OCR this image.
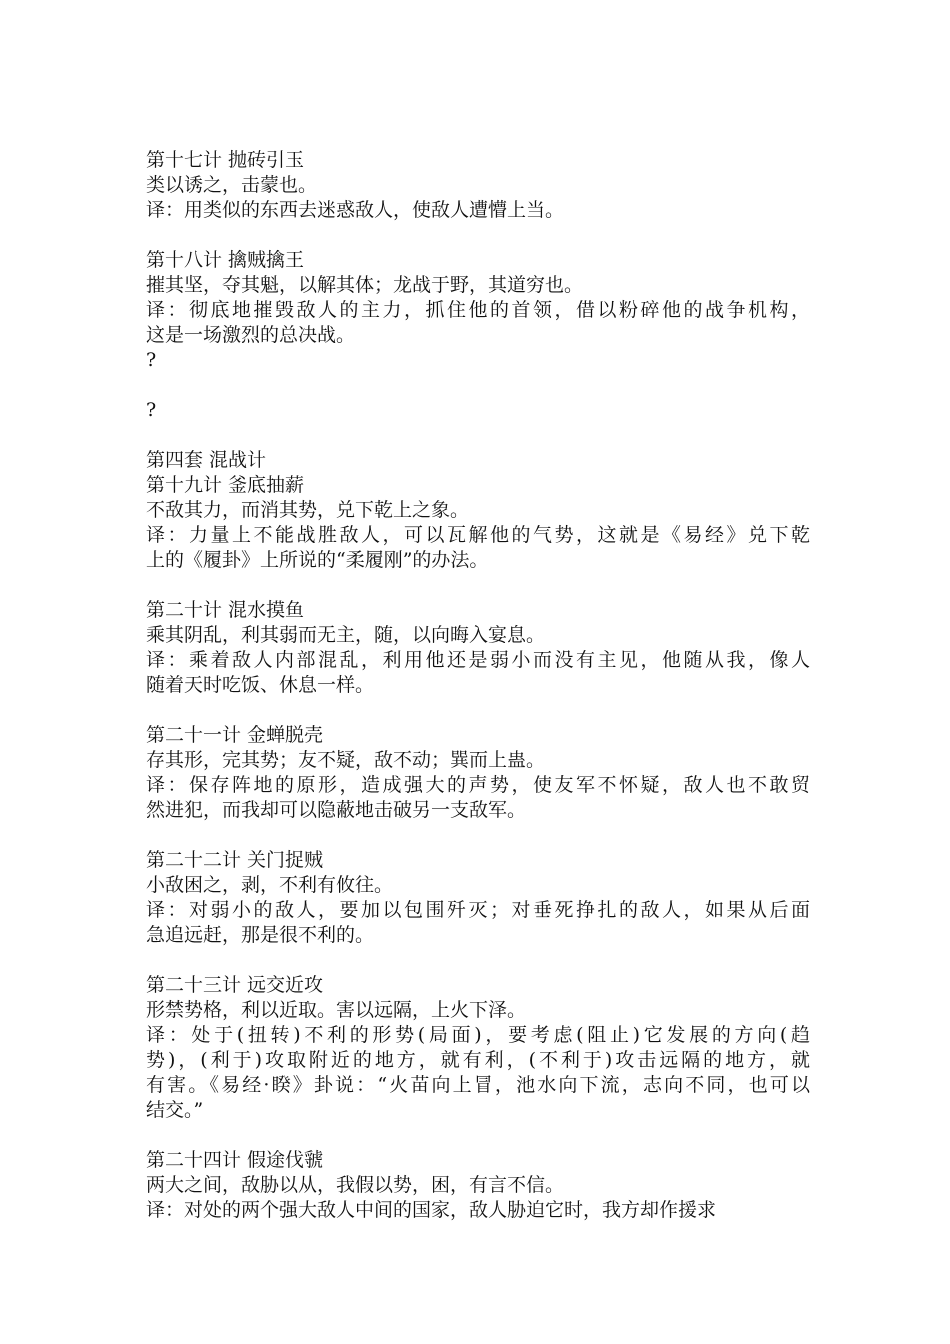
第十七计 抛砖引玉
类以诱之，击蒙也。
译：用类似的东西去迷惑敌人，使敌人遭懵上当。
第十八计 擒贼擒王
摧其坚，夺其魁，以解其体；龙战于野，其道穷也。
译：彻底地摧毁敌人的主力，抓住他的首领，借以粉碎他的战争机构，
这是一场激烈的总决战。
?
?
第四套 混战计
第十九计 釜底抽薪
不敌其力，而消其势，兑下乾上之象。
译：力量上不能战胜敌人，可以瓦解他的气势，这就是《易经》兑下乾
上的《履卦》上所说的“柔履刚”的办法。
第二十计 混水摸鱼
乘其阴乱，利其弱而无主，随，以向晦入宴息。
译：乘着敌人内部混乱，利用他还是弱小而没有主见，他随从我，像人
随着天时吃饭、休息一样。
第二十一计 金蝉脱壳
存其形，完其势；友不疑，敌不动；巽而上蛊。
译：保存阵地的原形，造成强大的声势，使友军不怀疑，敌人也不敢贸
然进犯，而我却可以隐蔽地击破另一支敌军。
第二十二计 关门捉贼
小敌困之，剥，不利有攸往。
译：对弱小的敌人，要加以包围歼灭；对垂死挣扎的敌人，如果从后面
急追远赶，那是很不利的。
第二十三计 远交近攻
形禁势格，利以近取。害以远隔，上火下泽。
译：处于(扭转)不利的形势(局面)，要考虑(阻止)它发展的方向(趋
势)，(利于)攻取附近的地方，就有利，(不利于)攻击远隔的地方，就
有害。《易经·睽》卦说：“火苗向上冒，池水向下流，志向不同，也可以
结交。”
第二十四计 假途伐虢
两大之间，敌胁以从，我假以势，困，有言不信。
译：对处的两个强大敌人中间的国家，敌人胁迫它时，我方却作援求
